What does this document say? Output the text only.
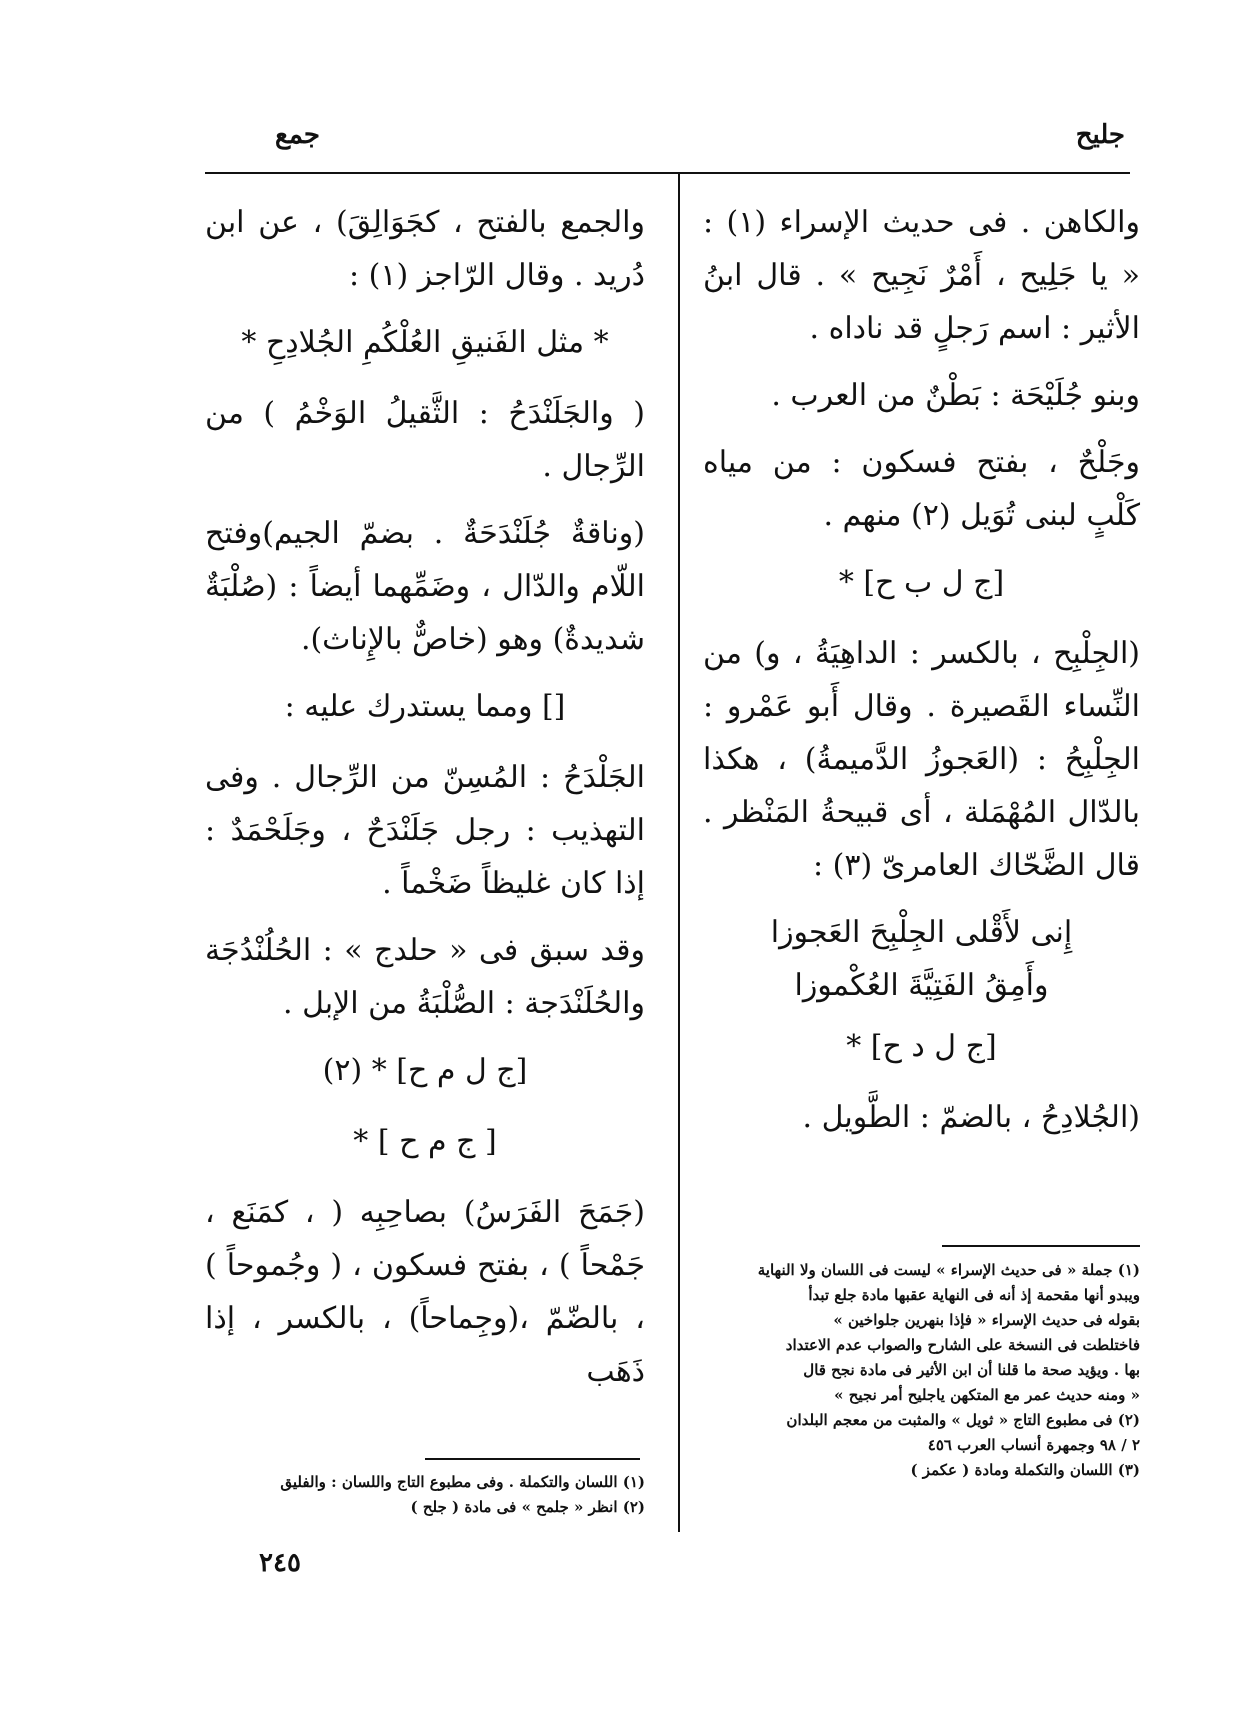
جليح
جمع

والكاهن . فى حديث الإسراء (١) : « يا جَلِيح ، أَمْرٌ نَجِيح » . قال ابنُ الأثير : اسم رَجلٍ قد ناداه .

وبنو جُلَيْحَة : بَطْنٌ من العرب .

وجَلْحٌ ، بفتح فسكون : من مياه كَلْبٍ لبنى تُوَيل (٢) منهم .

[ج ل ب ح] *

(الجِلْبِح ، بالكسر : الداهِيَةُ ، و) من النِّساء القَصيرة . وقال أَبو عَمْرو : الجِلْبِحُ : (العَجوزُ الدَّميمةُ) ، هكذا بالدّال المُهْمَلة ، أى قبيحةُ المَنْظر . قال الضَّحّاك العامرىّ (٣) :

إِنى لأَقْلى الجِلْبِحَ العَجوزا

وأَمِقُ الفَتِيَّةَ العُكْموزا

[ج ل د ح] *

(الجُلادِحُ ، بالضمّ : الطَّويل .

والجمع بالفتح ، كجَوَالِقَ) ، عن ابن دُريد . وقال الرّاجز (١) :

* مثل الفَنيقِ العُلْكُمِ الجُلادِحِ *

( والجَلَنْدَحُ : الثَّقيلُ الوَخْمُ ) من الرِّجال .

(وناقةٌ جُلَنْدَحَةٌ . بضمّ الجيم)وفتح اللّام والدّال ، وضَمِّهما أيضاً : (صُلْبَةٌ شديدةٌ) وهو (خاصٌّ بالإِناث).

[] ومما يستدرك عليه :

الجَلْدَحُ : المُسِنّ من الرِّجال . وفى التهذيب : رجل جَلَنْدَحٌ ، وجَلَحْمَدٌ : إذا كان غليظاً ضَخْماً .

وقد سبق فى « حلدج » : الحُلُنْدُجَة والحُلَنْدَجة : الصُّلْبَةُ من الإبل .

[ج ل م ح] * (٢)

[ ج م ح ] *

(جَمَحَ الفَرَسُ) بصاحِبِه ( ، كمَنَع ، جَمْحاً ) ، بفتح فسكون ، ( وجُموحاً ) ، بالضّمّ ،(وجِماحاً) ، بالكسر ، إذا ذَهَب

(١) جملة « فى حديث الإسراء » ليست فى اللسان ولا النهاية
ويبدو أنها مقحمة إذ أنه فى النهاية عقبها مادة جلع تبدأ
بقوله فى حديث الإسراء « فإذا بنهرين جلواخين »
فاختلطت فى النسخة على الشارح والصواب عدم الاعتداد
بها . ويؤيد صحة ما قلنا أن ابن الأثير فى مادة نجح قال
« ومنه حديث عمر مع المتكهن ياجليح أمر نجيح »
(٢) فى مطبوع التاج « ثويل » والمثبت من معجم البلدان
٢ / ٩٨ وجمهرة أنساب العرب ٤٥٦
(٣) اللسان والتكملة ومادة ( عكمز )
(١) اللسان والتكملة . وفى مطبوع التاج واللسان : والفليق
(٢) انظر « جلمح » فى مادة ( جلح )
٢٤٥
